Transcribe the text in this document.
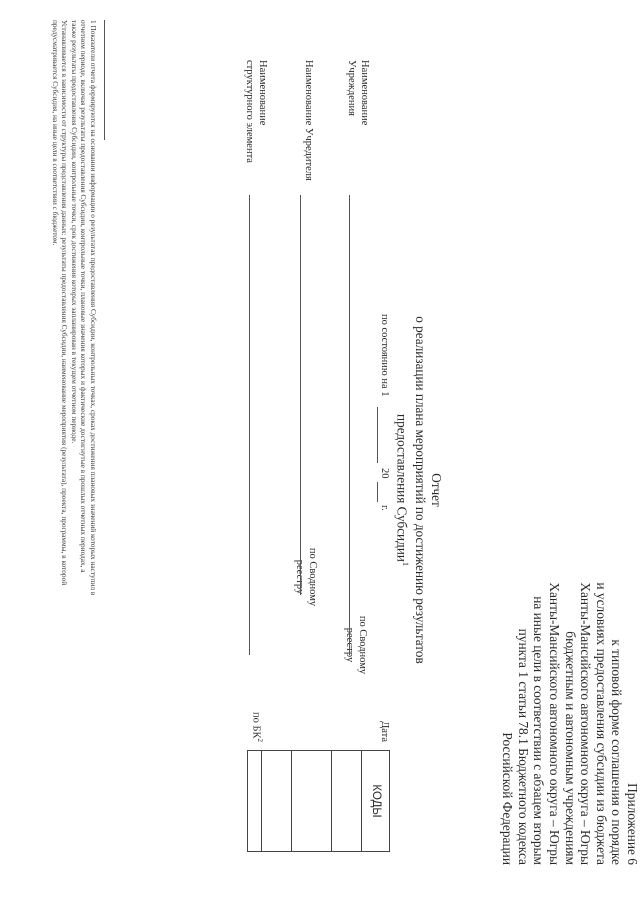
Приложение 6
к типовой форме соглашения о порядке
и условиях предоставления субсидии из бюджета
Ханты-Мансийского автономного округа – Югры
бюджетным и автономным учреждениям
Ханты-Мансийского автономного округа – Югры
на иные цели в соответствии с абзацем вторым
пункта 1 статьи 78.1 Бюджетного кодекса
Российской Федерации
Отчет
о реализации плана мероприятий по достижению результатов
предоставления Субсидии$^1$
по состоянию на 1
20
г.
Дата
по Сводному
реестру
по Сводному
реестру
по $БК^2$
Наименование
Учреждения
Наименование Учредителя
Наименование
структурного элемента
КОДЫ
1 Показатели отчета формируются на основании информации о результатах предоставления Субсидии, контрольных точках, сроках достижения плановых значений которых наступил в
отчетном периоде, включая результаты предоставления Субсидии, контрольные точки, плановые значения которых и фактические достигнутые в прошлых отчетных периодах, а
также результаты предоставления Субсидии, контрольные точки, срок достижения которых запланирован в текущем отчетном периоде.
Устанавливается в зависимости от структуры представления данных: результаты предоставления Субсидии, наименование мероприятия (результата), проекта, программы, в которой
предусматривается Субсидия, на иные цели в соответствии с бюджетом.
